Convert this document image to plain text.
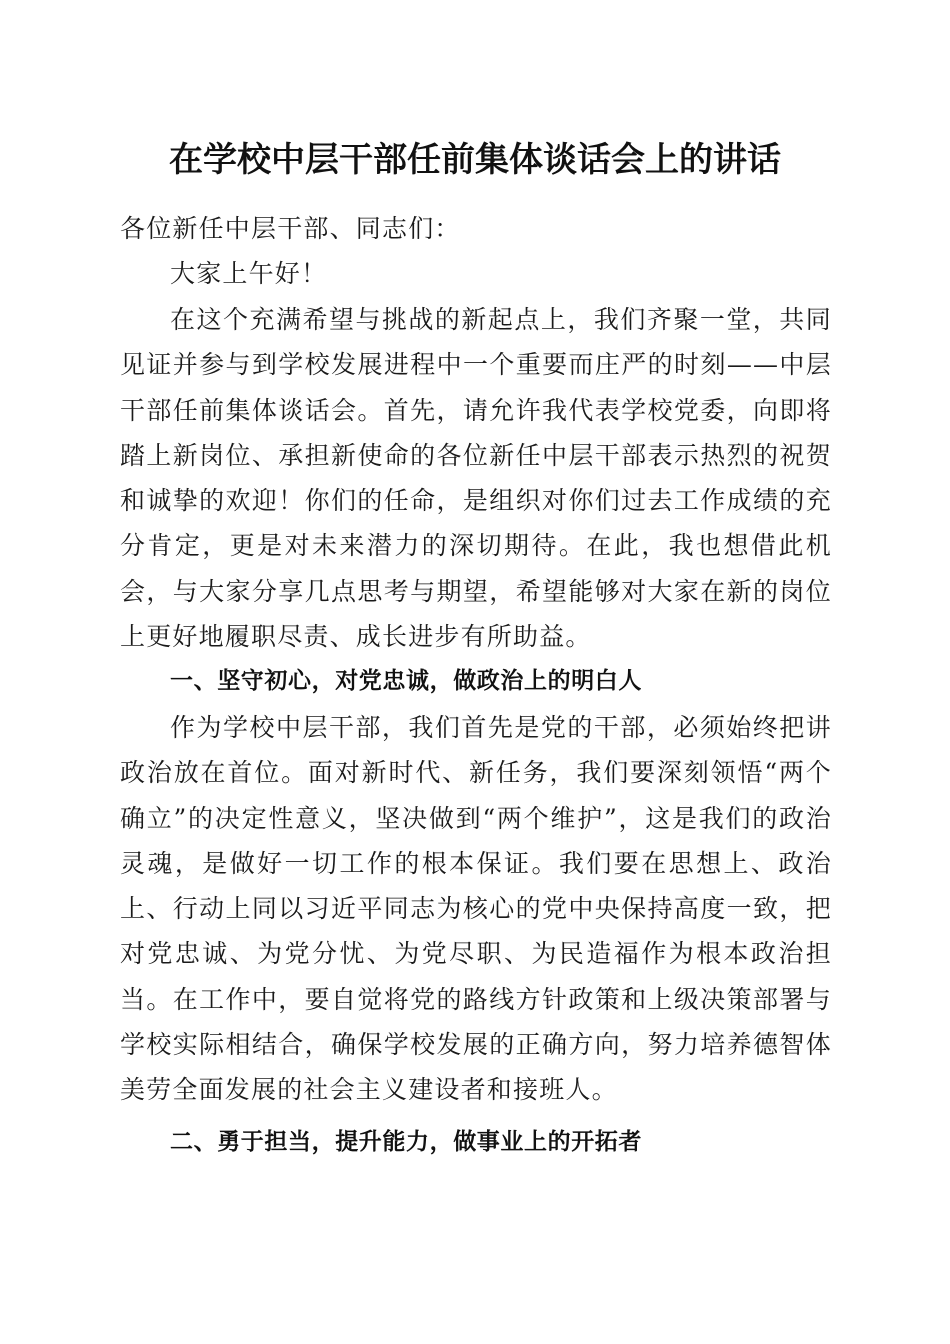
在学校中层干部任前集体谈话会上的讲话
各位新任中层干部、同志们：
大家上午好！
在这个充满希望与挑战的新起点上，我们齐聚一堂，共同见证并参与到学校发展进程中一个重要而庄严的时刻——中层干部任前集体谈话会。首先，请允许我代表学校党委，向即将踏上新岗位、承担新使命的各位新任中层干部表示热烈的祝贺和诚挚的欢迎！你们的任命，是组织对你们过去工作成绩的充分肯定，更是对未来潜力的深切期待。在此，我也想借此机会，与大家分享几点思考与期望，希望能够对大家在新的岗位上更好地履职尽责、成长进步有所助益。
一、坚守初心，对党忠诚，做政治上的明白人
作为学校中层干部，我们首先是党的干部，必须始终把讲政治放在首位。面对新时代、新任务，我们要深刻领悟“两个确立”的决定性意义，坚决做到“两个维护”，这是我们的政治灵魂，是做好一切工作的根本保证。我们要在思想上、政治上、行动上同以习近平同志为核心的党中央保持高度一致，把对党忠诚、为党分忧、为党尽职、为民造福作为根本政治担当。在工作中，要自觉将党的路线方针政策和上级决策部署与学校实际相结合，确保学校发展的正确方向，努力培养德智体美劳全面发展的社会主义建设者和接班人。
二、勇于担当，提升能力，做事业上的开拓者
